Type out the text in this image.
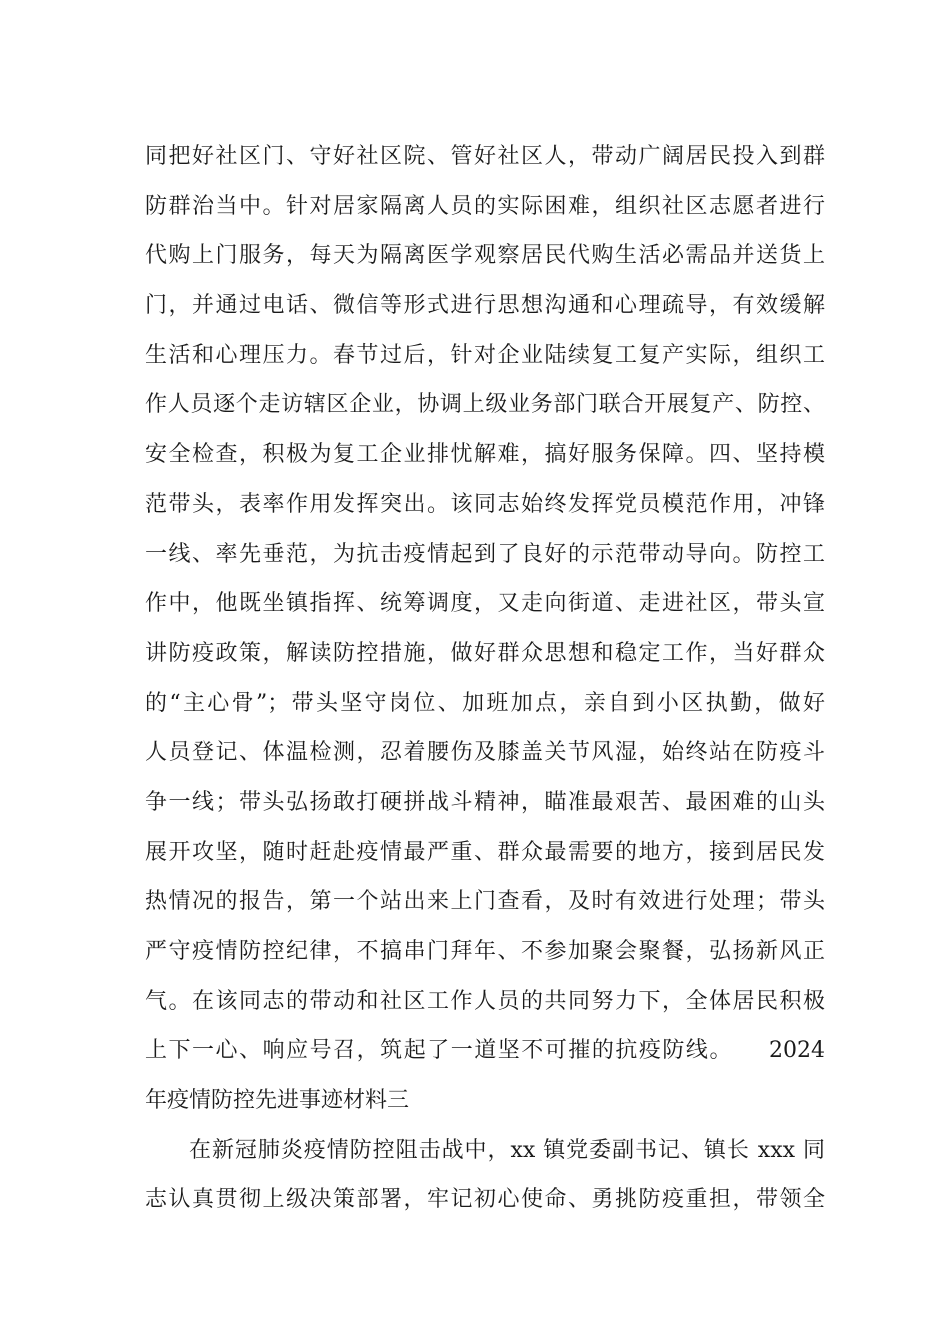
同把好社区门、守好社区院、管好社区人，带动广阔居民投入到群
防群治当中。针对居家隔离人员的实际困难，组织社区志愿者进行
代购上门服务，每天为隔离医学观察居民代购生活必需品并送货上
门，并通过电话、微信等形式进行思想沟通和心理疏导，有效缓解
生活和心理压力。春节过后，针对企业陆续复工复产实际，组织工
作人员逐个走访辖区企业，协调上级业务部门联合开展复产、防控、
安全检查，积极为复工企业排忧解难，搞好服务保障。四、坚持模
范带头，表率作用发挥突出。该同志始终发挥党员模范作用，冲锋
一线、率先垂范，为抗击疫情起到了良好的示范带动导向。防控工
作中，他既坐镇指挥、统筹调度，又走向街道、走进社区，带头宣
讲防疫政策，解读防控措施，做好群众思想和稳定工作，当好群众
的“主心骨”；带头坚守岗位、加班加点，亲自到小区执勤，做好
人员登记、体温检测，忍着腰伤及膝盖关节风湿，始终站在防疫斗
争一线；带头弘扬敢打硬拼战斗精神，瞄准最艰苦、最困难的山头
展开攻坚，随时赶赴疫情最严重、群众最需要的地方，接到居民发
热情况的报告，第一个站出来上门查看，及时有效进行处理；带头
严守疫情防控纪律，不搞串门拜年、不参加聚会聚餐，弘扬新风正
气。在该同志的带动和社区工作人员的共同努力下，全体居民积极
上下一心、响应号召，筑起了一道坚不可摧的抗疫防线。　　2024
年疫情防控先进事迹材料三
在新冠肺炎疫情防控阻击战中，xx 镇党委副书记、镇长 xxx 同
志认真贯彻上级决策部署，牢记初心使命、勇挑防疫重担，带领全
